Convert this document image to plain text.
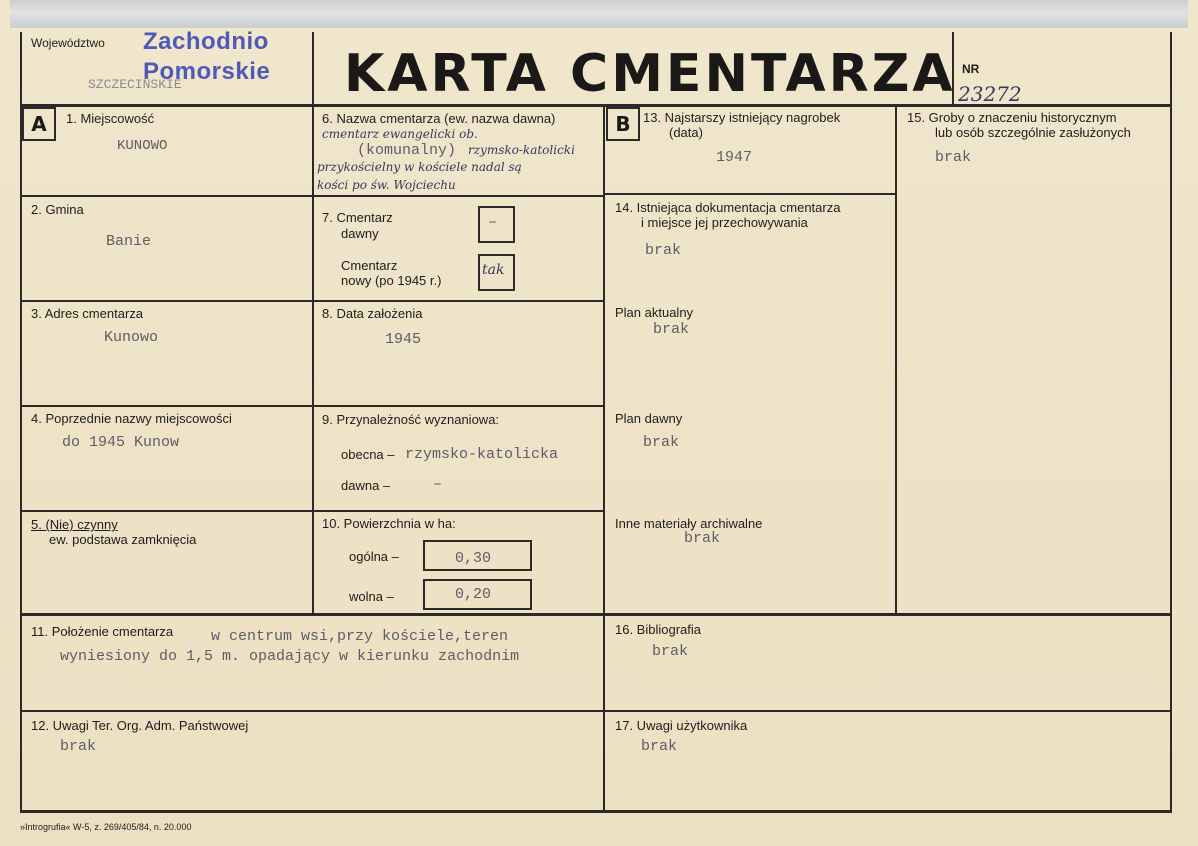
Województwo Zachodnio
Pomorskie
SZCZECIŃSKIE	KARTA CMENTARZA NR
23272
A	B
1. Miejscowość
KUNOWO
2. Gmina
Banie
3. Adres cmentarza
Kunowo
4. Poprzednie nazwy miejscowości
do 1945 Kunow
5. (Nie) czynny
ew. podstawa zamknięcia
6. Nazwa cmentarza (ew. nazwa dawna)
cmentarz ewangelicki ob.
(komunalny) rzymsko-katolicki
przykościelny w kościele nadal są
kości po św. Wojciechu
7. Cmentarz
dawny
–
Cmentarz
nowy (po 1945 r.)
tak
8. Data założenia
1945
9. Przynależność wyznaniowa:
obecna – rzymsko-katolicka
dawna –	–
10. Powierzchnia w ha:
ogólna –	0,30
wolna –	0,20
13. Najstarszy istniejący nagrobek
(data)
1947
14. Istniejąca dokumentacja cmentarza
i miejsce jej przechowywania
brak
Plan aktualny
brak
Plan dawny
brak
Inne materiały archiwalne
brak
15. Groby o znaczeniu historycznym
lub osób szczególnie zasłużonych
brak
11. Położenie cmentarza	w centrum wsi,przy kościele,teren
wyniesiony do 1,5 m. opadający w kierunku zachodnim
16. Bibliografia
brak
12. Uwagi Ter. Org. Adm. Państwowej
brak
17. Uwagi użytkownika
brak
»Introgrufia« W-5, z. 269/405/84, n. 20.000
